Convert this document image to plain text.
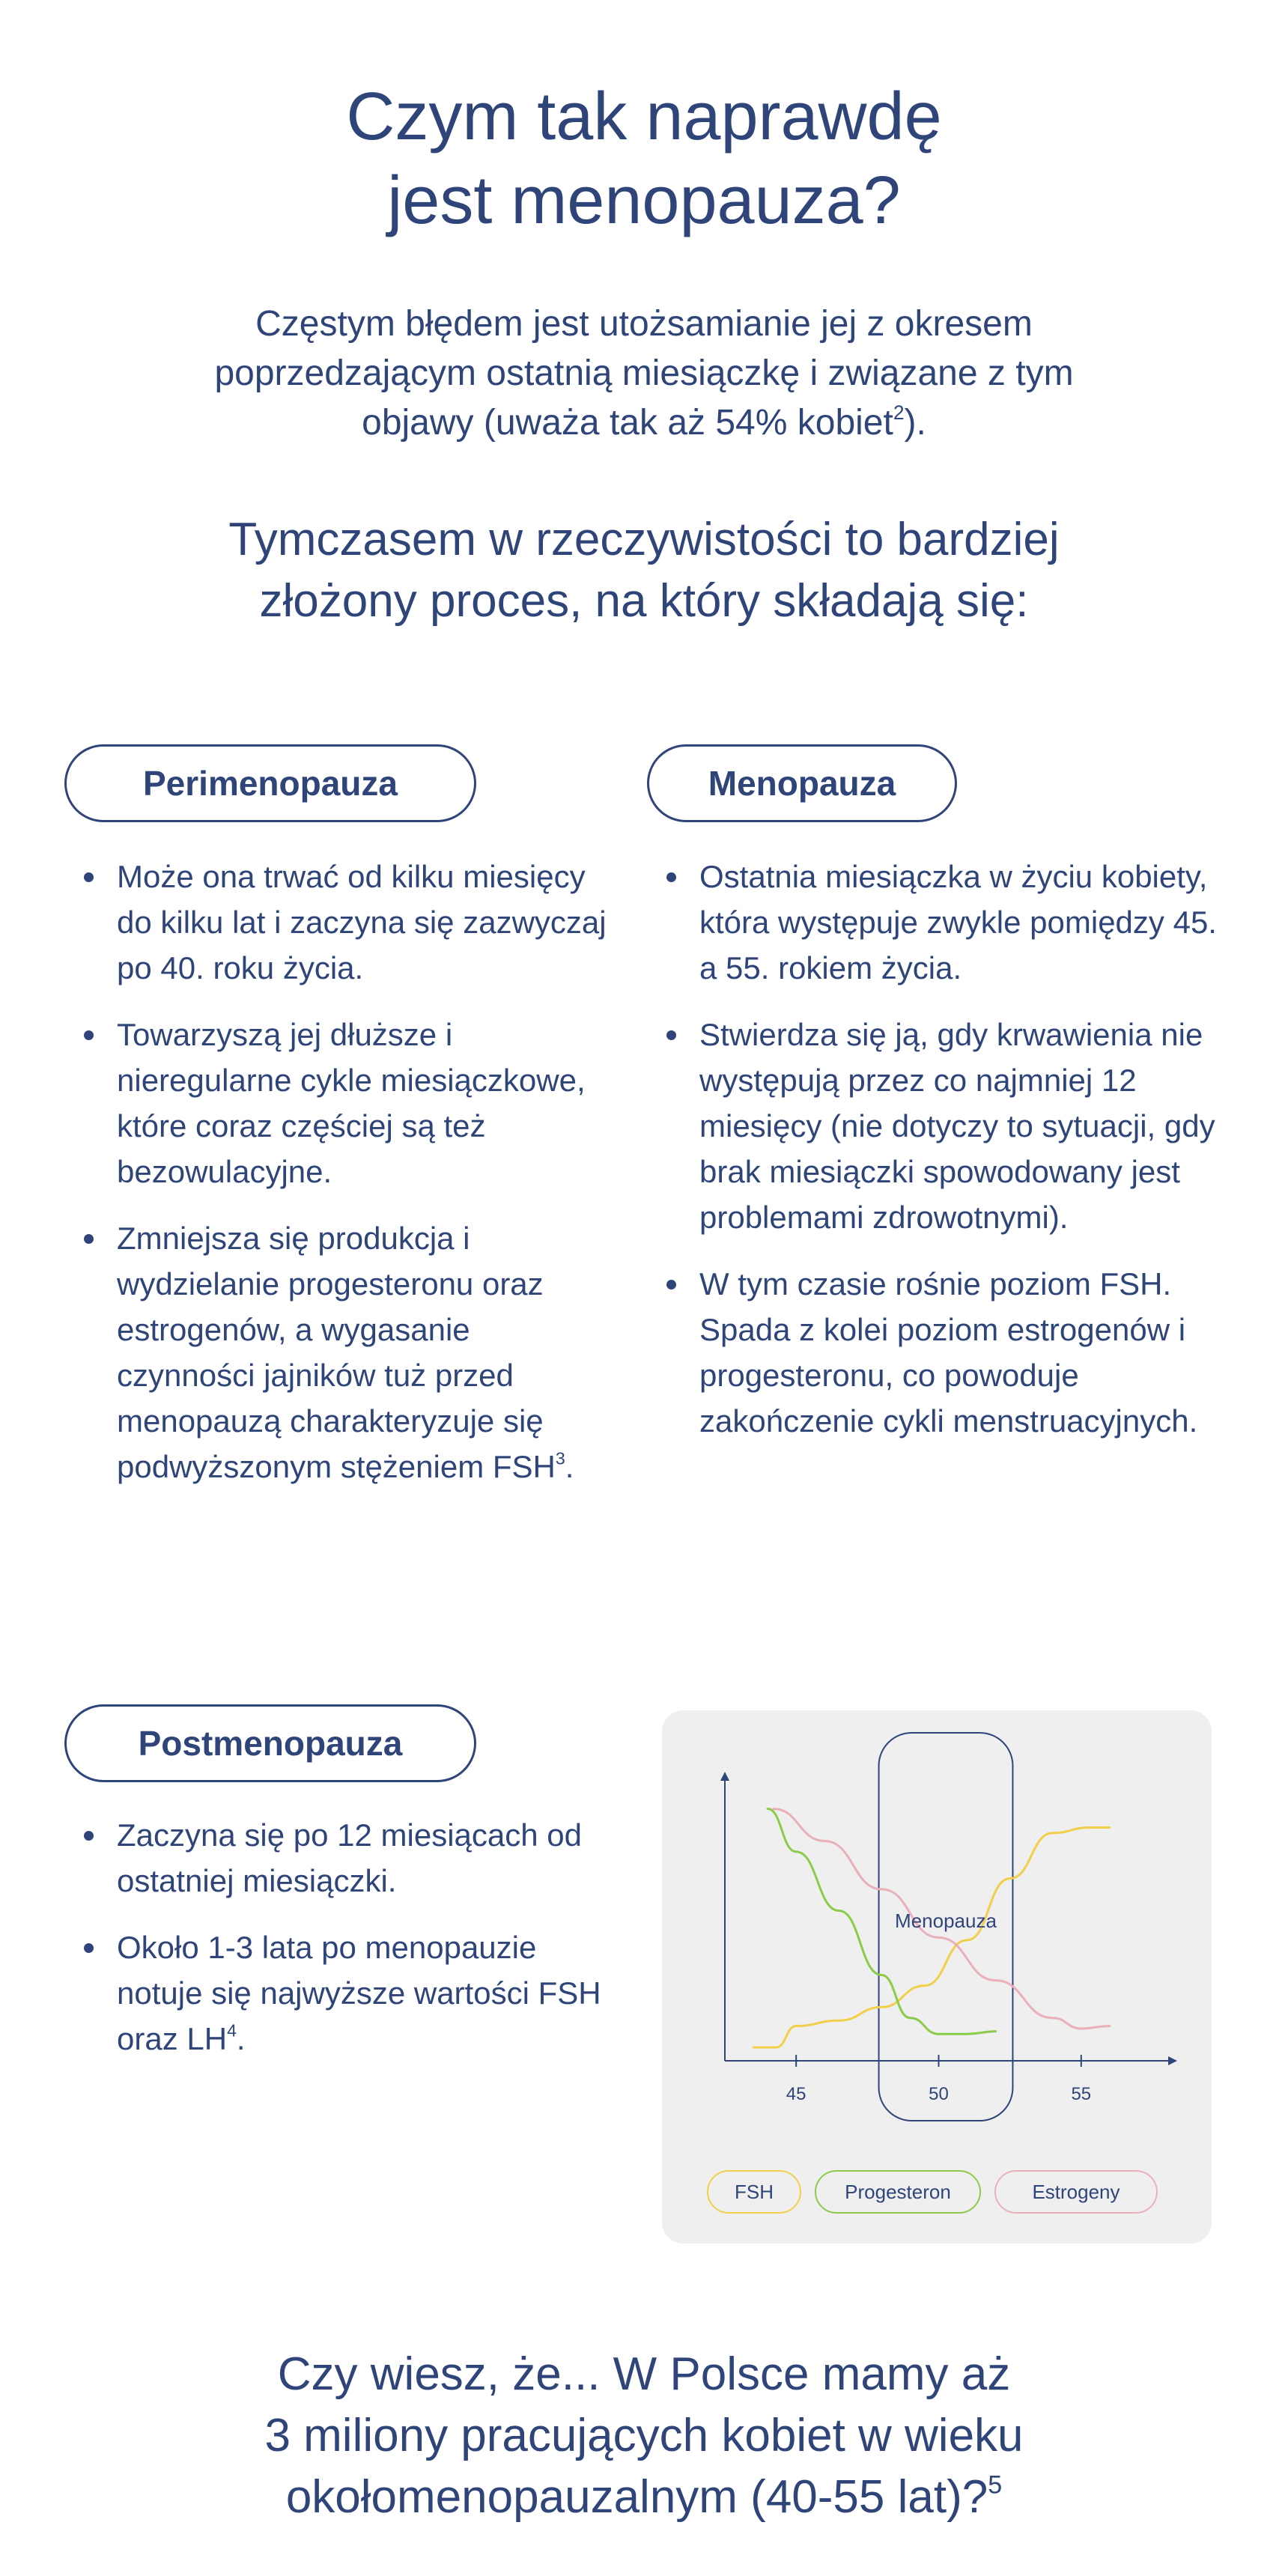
Czym tak naprawdę
jest menopauza?
Częstym błędem jest utożsamianie jej z okresem
poprzedzającym ostatnią miesiączkę i związane z tym
objawy (uważa tak aż 54% kobiet$^2$).
Tymczasem w rzeczywistości to bardziej
złożony proces, na który składają się:
Perimenopauza
Może ona trwać od kilku miesięcy do kilku lat i zaczyna się zazwyczaj po 40. roku życia.
Towarzyszą jej dłuższe i nieregularne cykle miesiączkowe, które coraz częściej są też bezowulacyjne.
Zmniejsza się produkcja i wydzielanie progesteronu oraz estrogenów, a wygasanie czynności jajników tuż przed menopauzą charakteryzuje się podwyższonym stężeniem FSH$^3$.
Menopauza
Ostatnia miesiączka w życiu kobiety, która występuje zwykle pomiędzy 45. a 55. rokiem życia.
Stwierdza się ją, gdy krwawienia nie występują przez co najmniej 12 miesięcy (nie dotyczy to sytuacji, gdy brak miesiączki spowodowany jest problemami zdrowotnymi).
W tym czasie rośnie poziom FSH. Spada z kolei poziom estrogenów i progesteronu, co powoduje zakończenie cykli menstruacyjnych.
Postmenopauza
Zaczyna się po 12 miesiącach od ostatniej miesiączki.
Około 1-3 lata po menopauzie notuje się najwyższe wartości FSH oraz $LH^4$.
45	50	55
Menopauza
FSH	Progesteron	Estrogeny
Czy wiesz, że... W Polsce mamy aż
3 miliony pracujących kobiet w wieku
okołomenopauzalnym (40-55 lat)?$^5$
